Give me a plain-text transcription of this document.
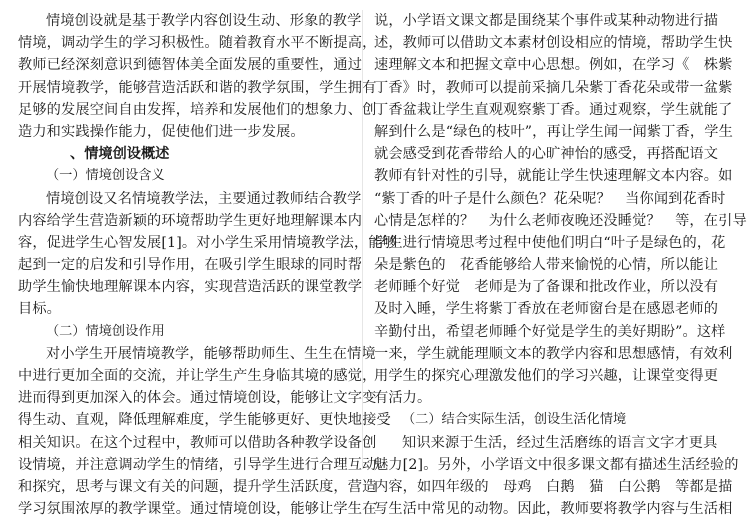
情境创设就是基于教学内容创设生动、形象的教学
情境，调动学生的学习积极性。随着教育水平不断提高，
教师已经深刻意识到德智体美全面发展的重要性，通过
开展情境教学，能够营造活跃和谐的教学氛围，学生拥有
足够的发展空间自由发挥，培养和发展他们的想象力、创
造力和实践操作能力，促使他们进一步发展。
、情境创设概述
（一）情境创设含义
情境创设又名情境教学法，主要通过教师结合教学
内容给学生营造新颖的环境帮助学生更好地理解课本内
容，促进学生心智发展[1]。对小学生采用情境教学法，能够
起到一定的启发和引导作用，在吸引学生眼球的同时帮
助学生愉快地理解课本内容，实现营造活跃的课堂教学
目标。
（二）情境创设作用
对小学生开展情境教学，能够帮助师生、生生在情境
中进行更加全面的交流，并让学生产生身临其境的感觉，
进而得到更加深入的体会。通过情境创设，能够让文字变
得生动、直观，降低理解难度，学生能够更好、更快地接受
相关知识。在这个过程中，教师可以借助各种教学设备创
设情境，并注意调动学生的情绪，引导学生进行合理互动
和探究，思考与课文有关的问题，提升学生活跃度，营造
学习氛围浓厚的教学课堂。通过情境创设，能够让学生在
说，小学语文课文都是围绕某个事件或某种动物进行描
述，教师可以借助文本素材创设相应的情境，帮助学生快
速理解文本和把握文章中心思想。例如，在学习《　株紫
丁香》时，教师可以提前采摘几朵紫丁香花朵或带一盆紫
丁香盆栽让学生直观观察紫丁香。通过观察，学生就能了
解到什么是“绿色的枝叶”，再让学生闻一闻紫丁香，学生
就会感受到花香带给人的心旷神怡的感受，再搭配语文
教师有针对性的引导，就能让学生快速理解文本内容。如
“紫丁香的叶子是什么颜色？花朵呢？　当你闻到花香时
心情是怎样的？　为什么老师夜晚还没睡觉？　等，在引导
学生进行情境思考过程中使他们明白“叶子是绿色的，花
朵是紫色的　花香能够给人带来愉悦的心情，所以能让
老师睡个好觉　老师是为了备课和批改作业，所以没有
及时入睡，学生将紫丁香放在老师窗台是在感恩老师的
辛勤付出，希望老师睡个好觉是学生的美好期盼”。这样
一来，学生就能理顺文本的教学内容和思想感情，有效利
用学生的探究心理激发他们的学习兴趣，让课堂变得更
有活力。
（二）结合实际生活，创设生活化情境
知识来源于生活，经过生活磨练的语言文字才更具
魅力[2]。另外，小学语文中很多课文都有描述生活经验的
内容，如四年级的　母鸡　白鹅　猫　白公鹅　等都是描
写生活中常见的动物。因此，教师要将教学内容与生活相
